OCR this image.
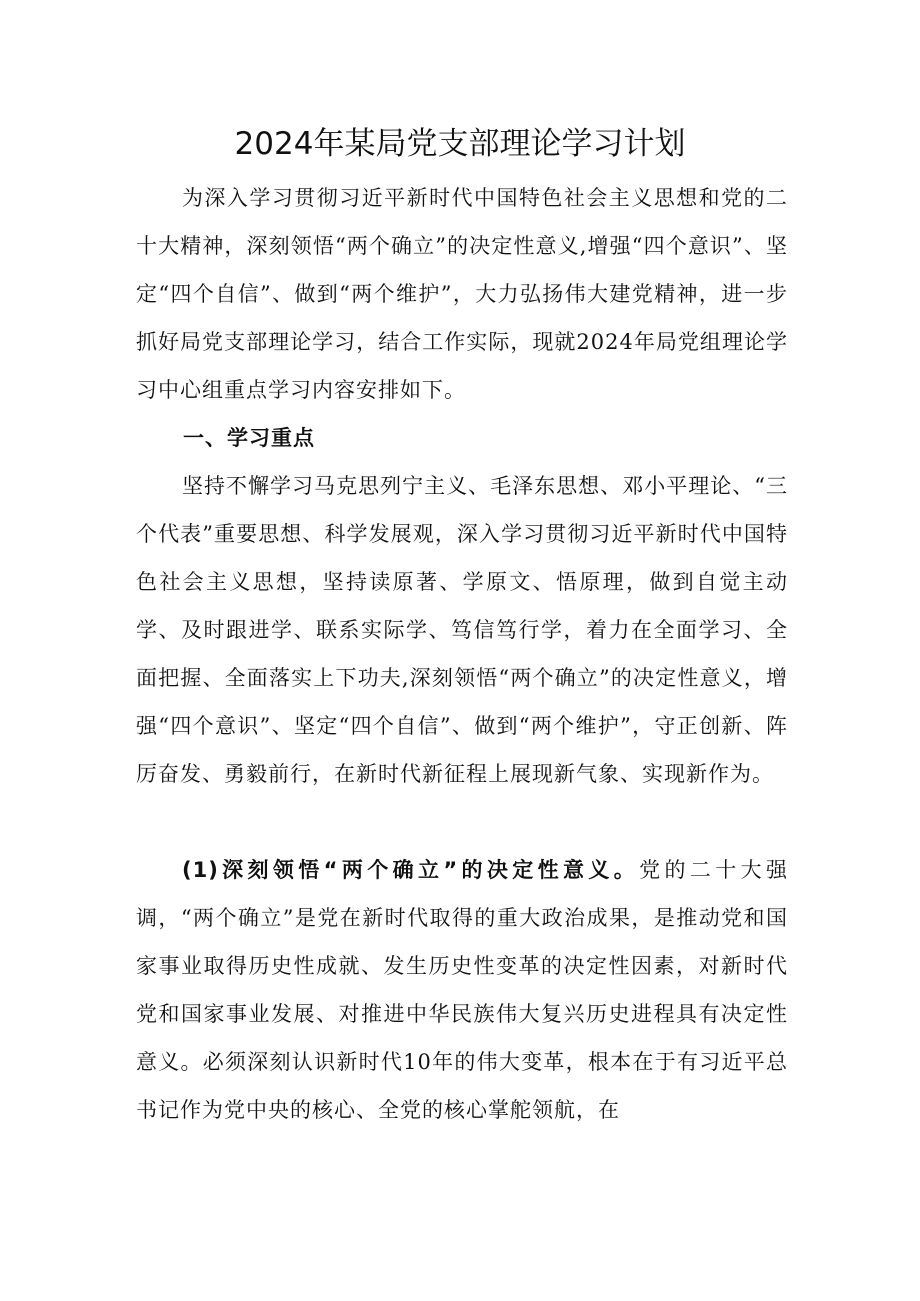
2024年某局党支部理论学习计划
为深入学习贯彻习近平新时代中国特色社会主义思想和党的二十大精神，深刻领悟“两个确立”的决定性意义,增强“四个意识”、坚定“四个自信”、做到“两个维护”，大力弘扬伟大建党精神，进一步抓好局党支部理论学习，结合工作实际，现就2024年局党组理论学习中心组重点学习内容安排如下。
一、学习重点
坚持不懈学习马克思列宁主义、毛泽东思想、邓小平理论、“三个代表”重要思想、科学发展观，深入学习贯彻习近平新时代中国特色社会主义思想，坚持读原著、学原文、悟原理，做到自觉主动学、及时跟进学、联系实际学、笃信笃行学，着力在全面学习、全面把握、全面落实上下功夫,深刻领悟“两个确立”的决定性意义，增强“四个意识”、坚定“四个自信”、做到“两个维护”，守正创新、阵厉奋发、勇毅前行，在新时代新征程上展现新气象、实现新作为。
(1)深刻领悟“两个确立”的决定性意义。党的二十大强调，“两个确立”是党在新时代取得的重大政治成果，是推动党和国家事业取得历史性成就、发生历史性变革的决定性因素，对新时代党和国家事业发展、对推进中华民族伟大复兴历史进程具有决定性意义。必须深刻认识新时代10年的伟大变革，根本在于有习近平总书记作为党中央的核心、全党的核心掌舵领航，在
